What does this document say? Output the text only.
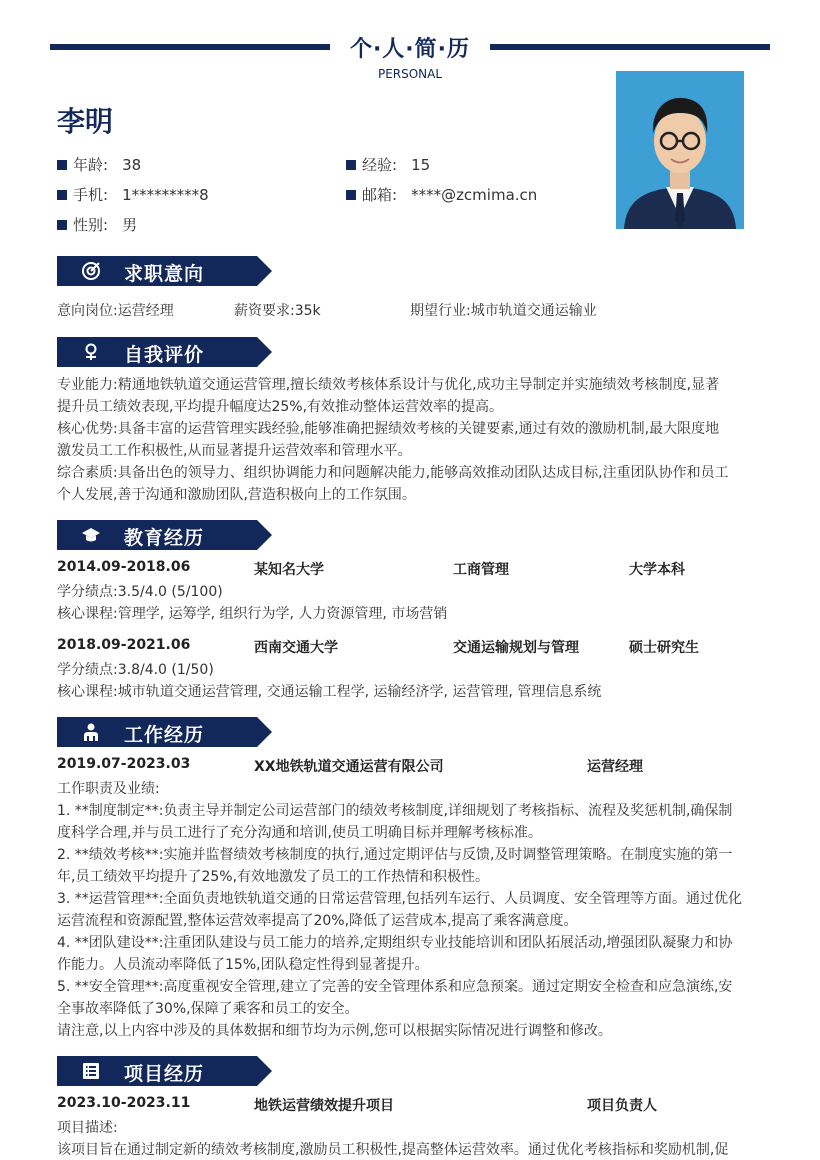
个·人·简·历
PERSONAL
李明
年龄: 38	经验: 15
手机: 1*********8	邮箱: ****@zcmima.cn
性别: 男
求职意向
意向岗位:运营经理	薪资要求:35k	期望行业:城市轨道交通运输业
自我评价
专业能力:精通地铁轨道交通运营管理,擅长绩效考核体系设计与优化,成功主导制定并实施绩效考核制度,显著
提升员工绩效表现,平均提升幅度达25%,有效推动整体运营效率的提高。
核心优势:具备丰富的运营管理实践经验,能够准确把握绩效考核的关键要素,通过有效的激励机制,最大限度地
激发员工工作积极性,从而显著提升运营效率和管理水平。
综合素质:具备出色的领导力、组织协调能力和问题解决能力,能够高效推动团队达成目标,注重团队协作和员工
个人发展,善于沟通和激励团队,营造积极向上的工作氛围。
教育经历
2014.09-2018.06	某知名大学	工商管理	大学本科
学分绩点:3.5/4.0 (5/100)
核心课程:管理学, 运筹学, 组织行为学, 人力资源管理, 市场营销
2018.09-2021.06	西南交通大学	交通运输规划与管理	硕士研究生
学分绩点:3.8/4.0 (1/50)
核心课程:城市轨道交通运营管理, 交通运输工程学, 运输经济学, 运营管理, 管理信息系统
工作经历
2019.07-2023.03	XX地铁轨道交通运营有限公司	运营经理
工作职责及业绩:
1. **制度制定**:负责主导并制定公司运营部门的绩效考核制度,详细规划了考核指标、流程及奖惩机制,确保制
度科学合理,并与员工进行了充分沟通和培训,使员工明确目标并理解考核标准。
2. **绩效考核**:实施并监督绩效考核制度的执行,通过定期评估与反馈,及时调整管理策略。在制度实施的第一
年,员工绩效平均提升了25%,有效地激发了员工的工作热情和积极性。
3. **运营管理**:全面负责地铁轨道交通的日常运营管理,包括列车运行、人员调度、安全管理等方面。通过优化
运营流程和资源配置,整体运营效率提高了20%,降低了运营成本,提高了乘客满意度。
4. **团队建设**:注重团队建设与员工能力的培养,定期组织专业技能培训和团队拓展活动,增强团队凝聚力和协
作能力。人员流动率降低了15%,团队稳定性得到显著提升。
5. **安全管理**:高度重视安全管理,建立了完善的安全管理体系和应急预案。通过定期安全检查和应急演练,安
全事故率降低了30%,保障了乘客和员工的安全。
请注意,以上内容中涉及的具体数据和细节均为示例,您可以根据实际情况进行调整和修改。
项目经历
2023.10-2023.11	地铁运营绩效提升项目	项目负责人
项目描述:
该项目旨在通过制定新的绩效考核制度,激励员工积极性,提高整体运营效率。通过优化考核指标和奖励机制,促
